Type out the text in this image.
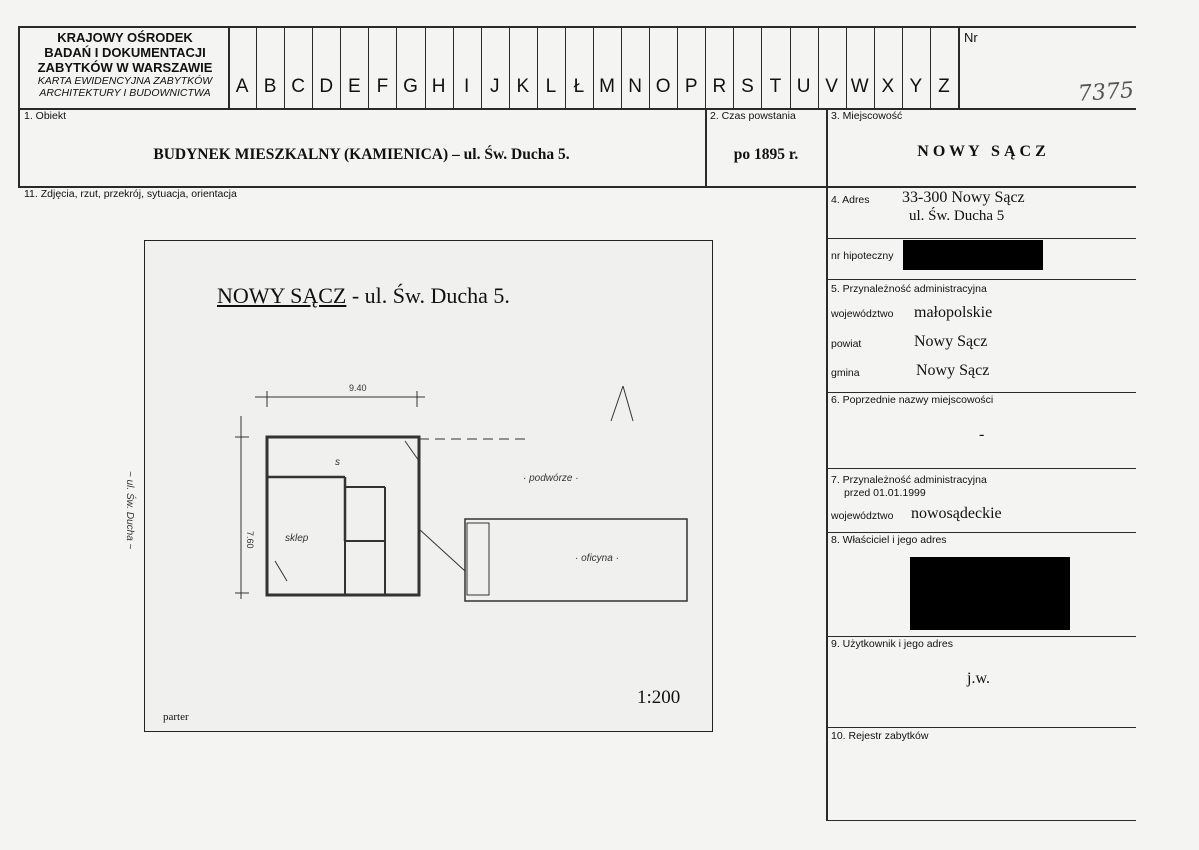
KRAJOWY OŚRODEK
BADAŃ I DOKUMENTACJI
ZABYTKÓW W WARSZAWIE
KARTA EWIDENCYJNA ZABYTKÓW
ARCHITEKTURY I BUDOWNICTWA	A B C D E F G H I	J K L Ł M N O P R S T U V W X Y Z
Nr
7375
1. Obiekt
BUDYNEK MIESZKALNY (KAMIENICA) – ul. Św. Ducha 5.
2. Czas powstania
po 1895 r.
3. Miejscowość
N O W Y   S Ą C Z
11. Zdjęcia, rzut, przekrój, sytuacja, orientacja	4. Adres 33-300 Nowy Sącz
ul. Św. Ducha 5
nr hipoteczny
5. Przynależność administracyjna
województwo małopolskie
powiat	Nowy Sącz
gmina	Nowy Sącz
6. Poprzednie nazwy miejscowości
-
7. Przynależność administracyjna
przed 01.01.1999
województwo nowosądeckie
8. Właściciel i jego adres
9. Użytkownik i jego adres
j.w.
10. Rejestr zabytków
NOWY SĄCZ - ul. Św. Ducha 5.
9.40
7.60
~ ul. Św. Ducha ~
s
sklep
· podwórze ·
· oficyna ·
1:200
parter
